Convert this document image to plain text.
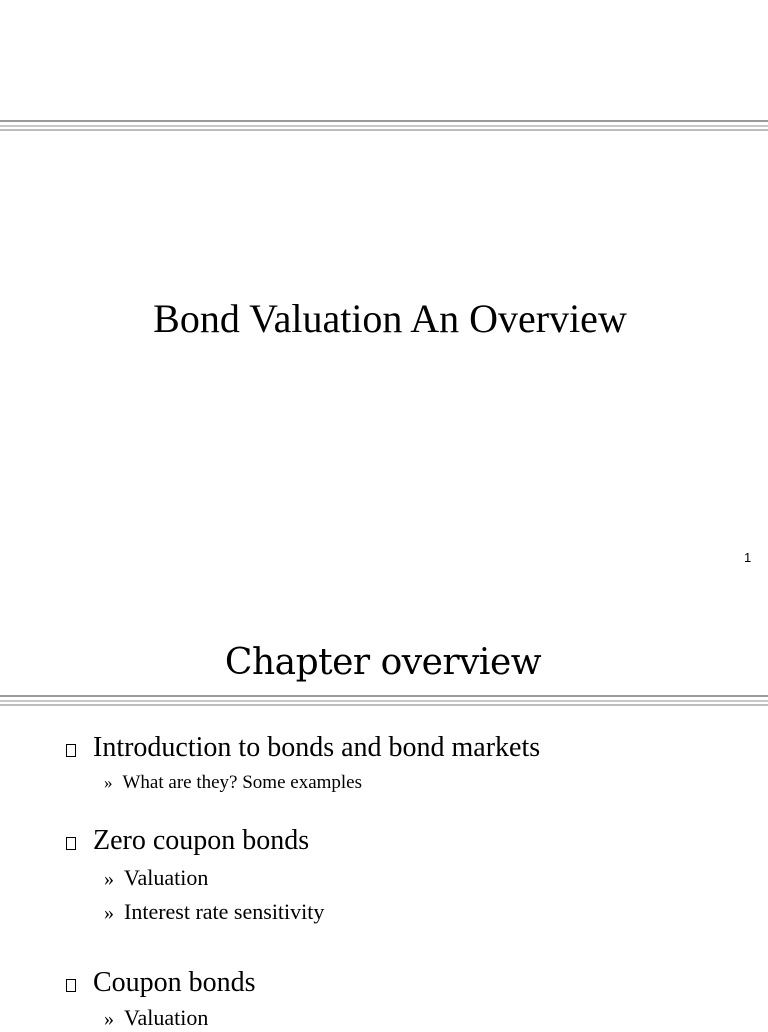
Bond Valuation An Overview
1
Chapter overview
Introduction to bonds and bond markets
» What are they? Some examples
Zero coupon bonds
» Valuation
» Interest rate sensitivity
Coupon bonds
» Valuation
